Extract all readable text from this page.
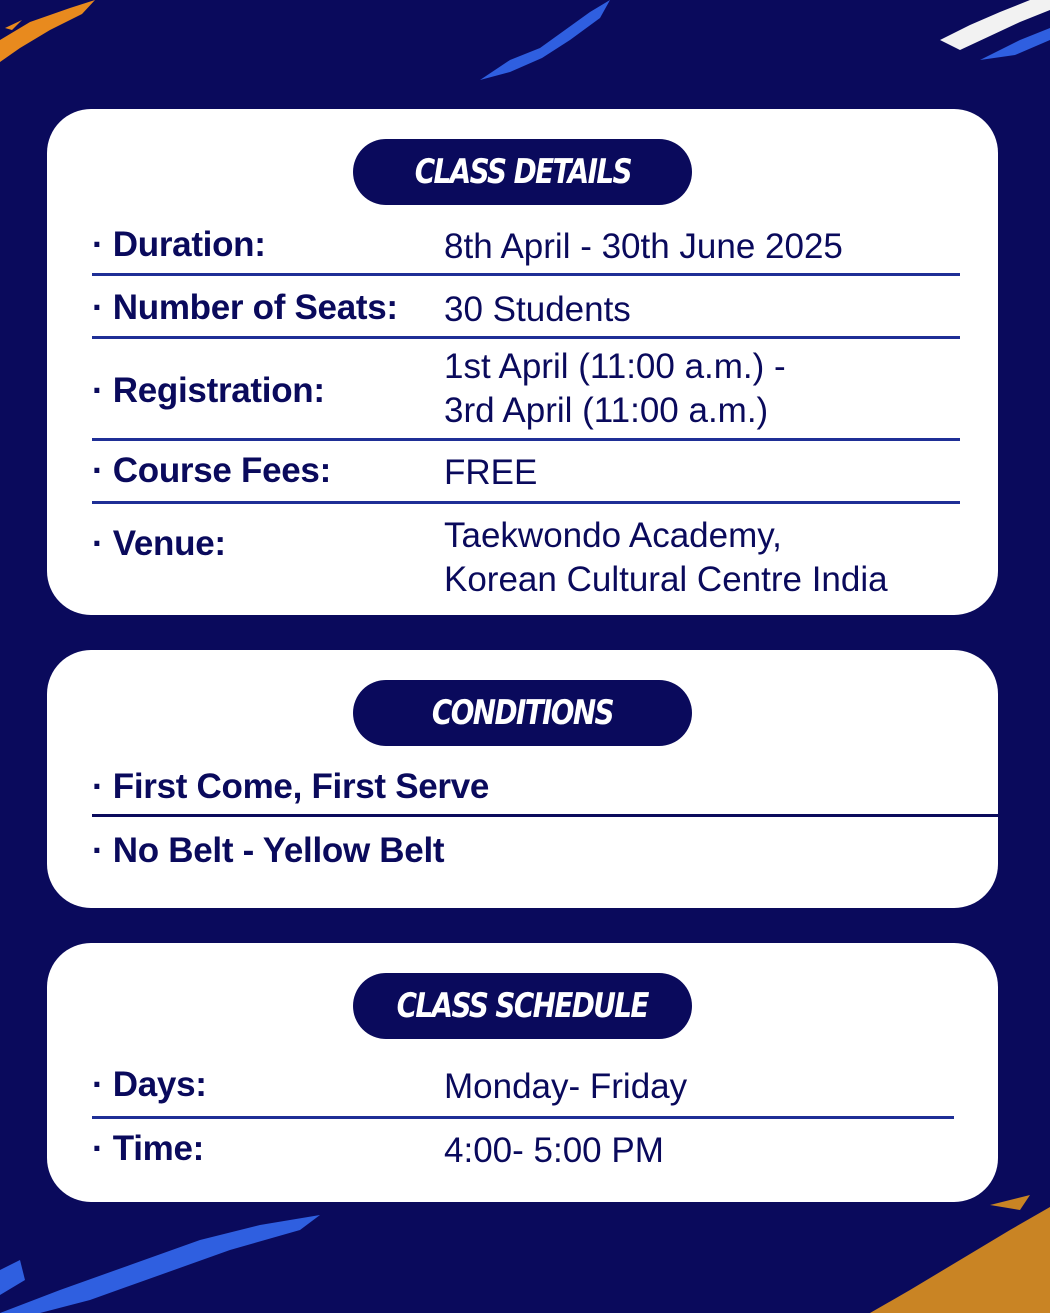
CLASS DETAILS
· Duration:	8th April - 30th June 2025
· Number of Seats: 30 Students
· Registration:
1st April (11:00 a.m.) -
3rd April (11:00 a.m.)
· Course Fees:	FREE
· Venue:	Taekwondo Academy,
Korean Cultural Centre India
CONDITIONS
· First Come, First Serve
· No Belt - Yellow Belt
CLASS SCHEDULE
· Days:	Monday- Friday
· Time:	4:00- 5:00 PM
